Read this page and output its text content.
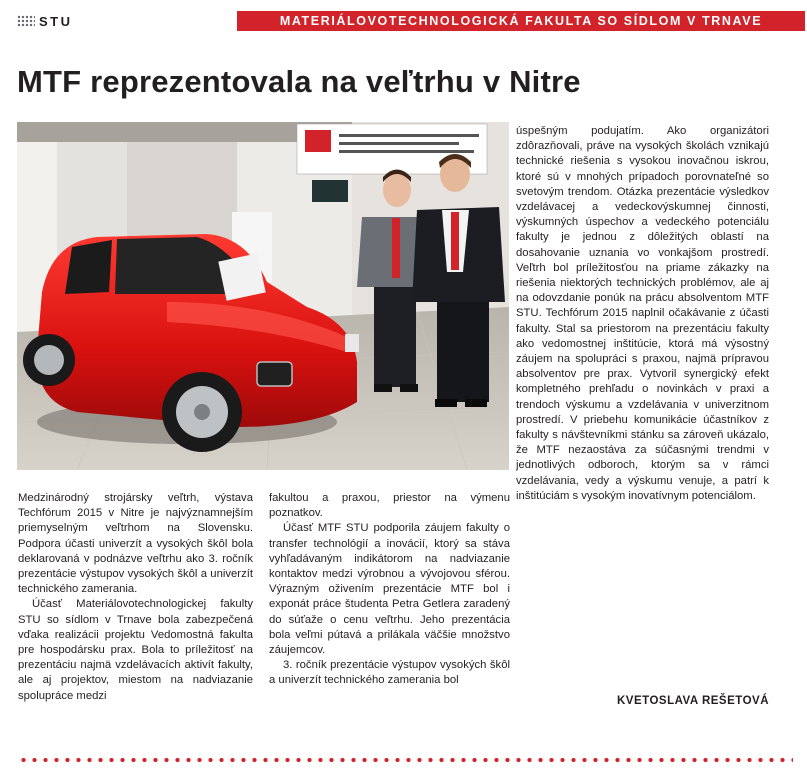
STU	MATERIÁLOVOTECHNOLOGICKÁ FAKULTA SO SÍDLOM V TRNAVE
MTF reprezentovala na veľtrhu v Nitre

Medzinárodný strojársky veľtrh, výstava Techfórum 2015 v Nitre je najvýznamnejším priemyselným veľtrhom na Slovensku. Podpora účasti univerzít a vysokých škôl bola deklarovaná v podnázve veľtrhu ako 3. ročník prezentácie výstupov vysokých škôl a univerzít technického zamerania.

Účasť Materiálovotechnologickej fakulty STU so sídlom v Trnave bola zabezpečená vďaka realizácii projektu Vedomostná fakulta pre hospodársku prax. Bola to príležitosť na prezentáciu najmä vzdelávacích aktivít fakulty, ale aj projektov, miestom na nadviazanie spolupráce medzi

fakultou a praxou, priestor na výmenu poznatkov.

Účasť MTF STU podporila záujem fakulty o transfer technológií a inovácií, ktorý sa stáva vyhľadávaným indikátorom na nadviazanie kontaktov medzi výrobnou a vývojovou sférou. Výrazným oživením prezentácie MTF bol i exponát práce študenta Petra Getlera zaradený do súťaže o cenu veľtrhu. Jeho prezentácia bola veľmi pútavá a prilákala väčšie množstvo záujemcov.

3. ročník prezentácie výstupov vysokých škôl a univerzít technického zamerania bol

úspešným podujatím. Ako organizátori zdôrazňovali, práve na vysokých školách vznikajú technické riešenia s vysokou inovačnou iskrou, ktoré sú v mnohých prípadoch porovnateľné so svetovým trendom. Otázka prezentácie výsledkov vzdelávacej a vedeckovýskumnej činnosti, výskumných úspechov a vedeckého potenciálu fakulty je jednou z dôležitých oblastí na dosahovanie uznania vo vonkajšom prostredí. Veľtrh bol príležitosťou na priame zákazky na riešenia niektorých technických problémov, ale aj na odovzdanie ponúk na prácu absolventom MTF STU. Techfórum 2015 naplnil očakávanie z účasti fakulty. Stal sa priestorom na prezentáciu fakulty ako vedomostnej inštitúcie, ktorá má výsostný záujem na spolupráci s praxou, najmä prípravou absolventov pre prax. Vytvoril synergický efekt kompletného prehľadu o novinkách v praxi a trendoch výskumu a vzdelávania v univerzitnom prostredí. V priebehu komunikácie účastníkov z fakulty s návštevníkmi stánku sa zároveň ukázalo, že MTF nezaostáva za súčasnými trendmi v jednotlivých odboroch, ktorým sa v rámci vzdelávania, vedy a výskumu venuje, a patrí k inštitúciám s vysokým inovatívnym potenciálom.

KVETOSLAVA REŠETOVÁ
